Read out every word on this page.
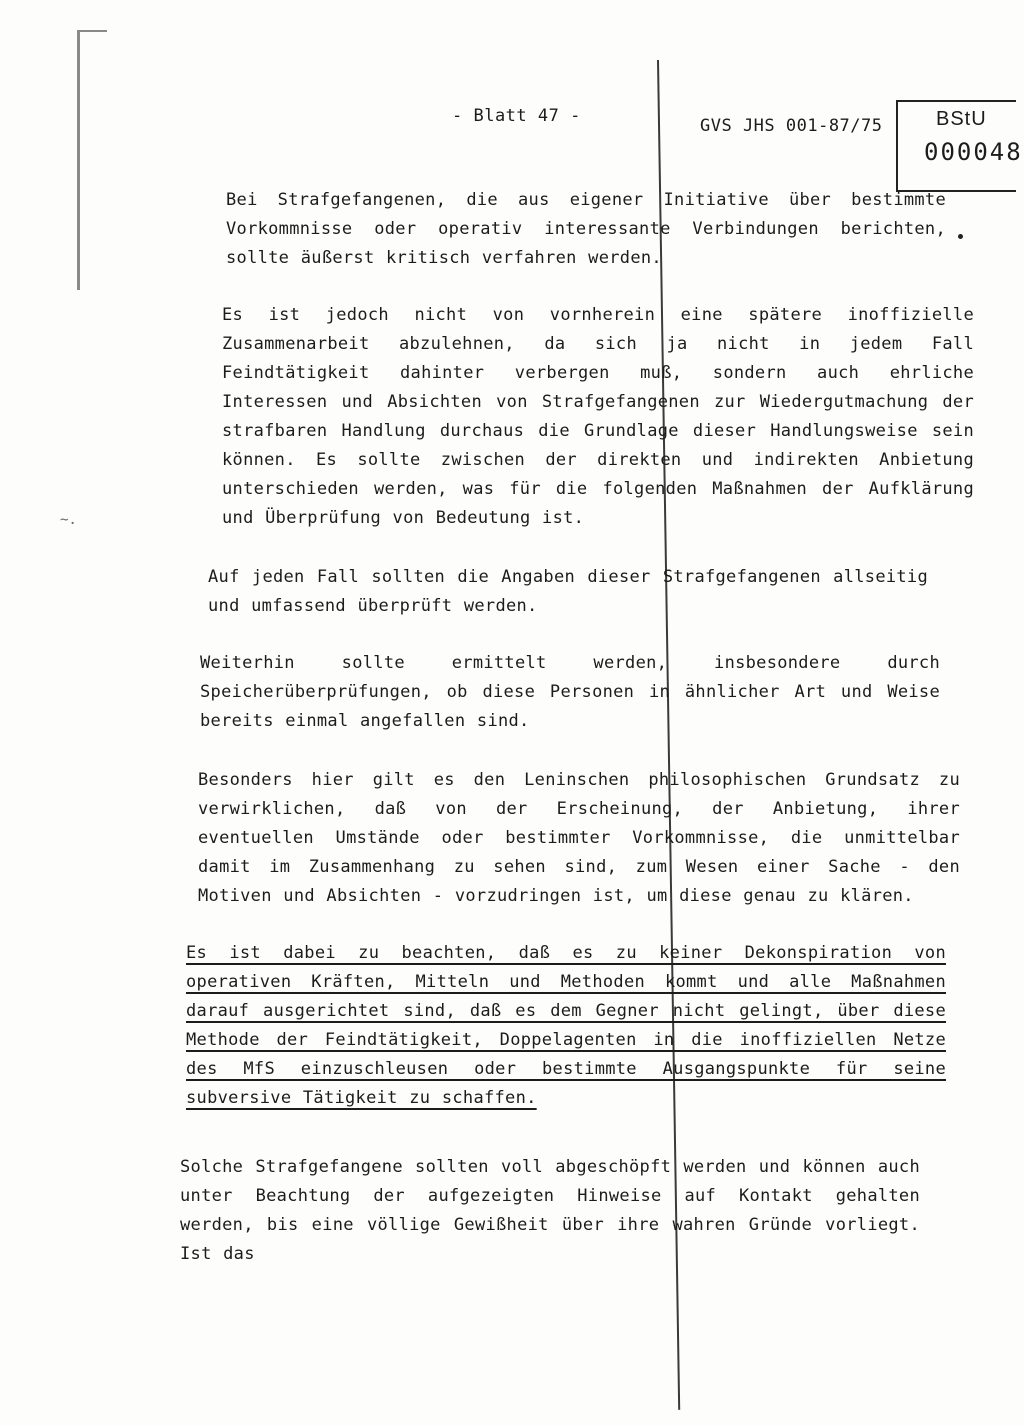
- Blatt 47 -	GVS JHS 001-87/75	BStU
000048
~.

Bei Strafgefangenen, die aus eigener Initiative über bestimmte Vorkommnisse oder operativ interessante Verbindungen berichten, sollte äußerst kritisch verfahren werden.

Es ist jedoch nicht von vornherein eine spätere inoffizielle Zusammenarbeit abzulehnen, da sich ja nicht in jedem Fall Feindtätigkeit dahinter verbergen muß, sondern auch ehrliche Interessen und Absichten von Strafgefangenen zur Wiedergutmachung der strafbaren Handlung durchaus die Grundlage dieser Handlungsweise sein können. Es sollte zwischen der direkten und indirekten Anbietung unterschieden werden, was für die folgenden Maßnahmen der Aufklärung und Überprüfung von Bedeutung ist.

Auf jeden Fall sollten die Angaben dieser Strafgefangenen allseitig und umfassend überprüft werden.

Weiterhin sollte ermittelt werden, insbesondere durch Speicherüberprüfungen, ob diese Personen in ähnlicher Art und Weise bereits einmal angefallen sind.

Besonders hier gilt es den Leninschen philosophischen Grundsatz zu verwirklichen, daß von der Erscheinung, der Anbietung, ihrer eventuellen Umstände oder bestimmter Vorkommnisse, die unmittelbar damit im Zusammenhang zu sehen sind, zum Wesen einer Sache - den Motiven und Absichten - vorzudringen ist, um diese genau zu klären.

Es ist dabei zu beachten, daß es zu keiner Dekonspiration von operativen Kräften, Mitteln und Methoden kommt und alle Maßnahmen darauf ausgerichtet sind, daß es dem Gegner nicht gelingt, über diese Methode der Feindtätigkeit, Doppelagenten in die inoffiziellen Netze des MfS einzuschleusen oder bestimmte Ausgangspunkte für seine subversive Tätigkeit zu schaffen.

Solche Strafgefangene sollten voll abgeschöpft werden und können auch unter Beachtung der aufgezeigten Hinweise auf Kontakt gehalten werden, bis eine völlige Gewißheit über ihre wahren Gründe vorliegt. Ist das
